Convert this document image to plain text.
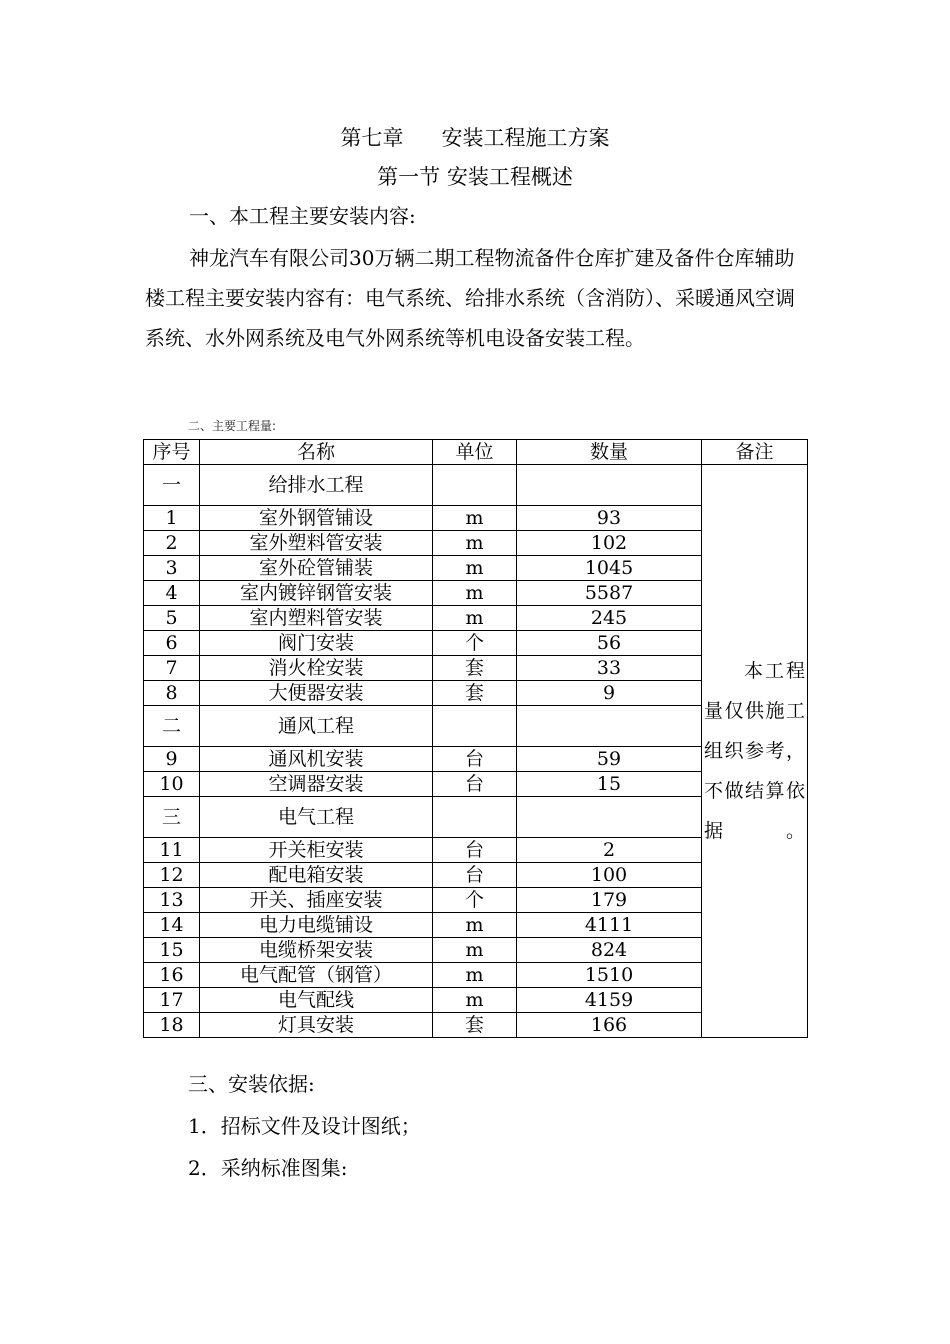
第七章 安装工程施工方案
第一节 安装工程概述
一、本工程主要安装内容:
神龙汽车有限公司30万辆二期工程物流备件仓库扩建及备件仓库辅助楼工程主要安装内容有：电气系统、给排水系统（含消防）、采暖通风空调系统、水外网系统及电气外网系统等机电设备安装工程。
二、主要工程量:
序号	名称	单位	数量	备注
一	给排水工程			本工程量仅供施工组织参考，不做结算依据。

1	室外钢管铺设	m	93	
2	室外塑料管安装	m	102	
3	室外砼管铺装	m	1045	
4	室内镀锌钢管安装	m	5587	
5	室内塑料管安装	m	245	
6	阀门安装	个	56	
7	消火栓安装	套	33	
8	大便器安装	套	9	
二	通风工程			
9	通风机安装	台	59	
10	空调器安装	台	15	
三	电气工程			
11	开关柜安装	台	2	
12	配电箱安装	台	100	
13	开关、插座安装	个	179	
14	电力电缆铺设	m	4111	
15	电缆桥架安装	m	824	
16	电气配管（钢管）	m	1510	
17	电气配线	m	4159	
18	灯具安装	套	166	
三、安装依据:
1．招标文件及设计图纸；
2．采纳标准图集:
